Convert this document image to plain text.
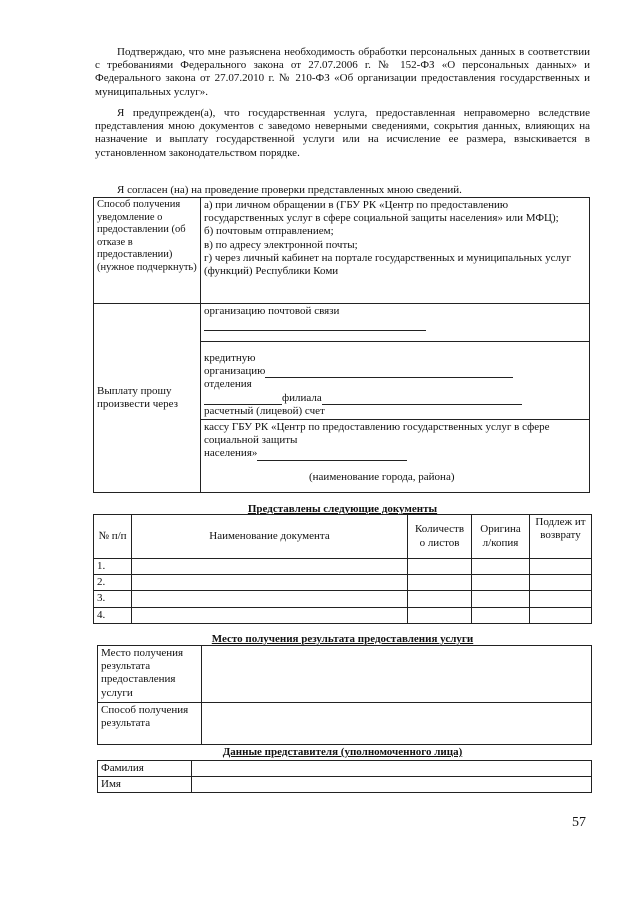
Подтверждаю, что мне разъяснена необходимость обработки персональных данных в соответствии с требованиями Федерального закона от 27.07.2006 г. № 152-ФЗ «О персональных данных» и Федерального закона от 27.07.2010 г. № 210-ФЗ «Об организации предоставления государственных и муниципальных услуг».

Я предупрежден(а), что государственная услуга, предоставленная неправомерно вследствие представления мною документов с заведомо неверными сведениями, сокрытия данных, влияющих на назначение и выплату государственной услуги или на исчисление ее размера, взыскивается в установленном законодательством порядке.

Я согласен (на) на проведение проверки представленных мною сведений.

Способ получения уведомление о предоставлении (об отказе в предоставлении) (нужное подчеркнуть)	а) при личном обращении в (ГБУ РК «Центр по предоставлению государственных услуг в сфере социальной защиты населения» или МФЦ);
б) почтовым отправлением;
в) по адресу электронной почты;
г) через личный кабинет на портале государственных и муниципальных услуг (функций) Республики Коми

Выплату прошу произвести через	организацию почтовой связи

	кредитную
организацию
отделения
филиала
расчетный (лицевой) счет

	кассу ГБУ РК «Центр по предоставлению государственных услуг в сфере социальной защиты
населения»
(наименование города, района)
Представлены следующие документы
№ п/п	Наименование документа	Количеств о листов	Оригина л/копия	Подлеж ит возврату
1.				
2.				
3.				
4.				
Место получения результата предоставления услуги
Место получения результата предоставления услуги	
Способ получения результата	
Данные представителя (уполномоченного лица)
Фамилия	
Имя	
57
